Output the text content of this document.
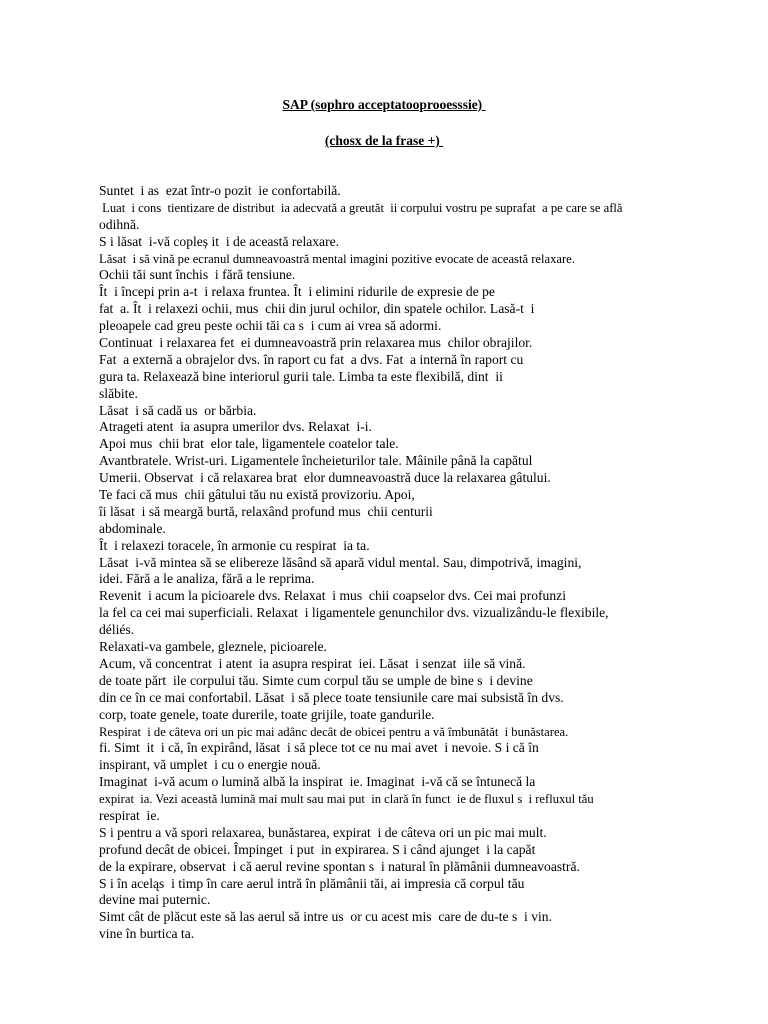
SAP (sophro acceptatooprooesssie)
(chosx de la frase +)
Suntet  i as  ezat într-o pozit  ie confortabilă.
Luat  i cons  tientizare de distribut  ia adecvată a greutăt  ii corpului vostru pe suprafat  a pe care se află
odihnă.
S i lăsat  i-vă copleș it  i de această relaxare.
Lăsat  i să vină pe ecranul dumneavoastră mental imagini pozitive evocate de această relaxare.
Ochii tăi sunt închis  i fără tensiune.
Ît  i începi prin a-t  i relaxa fruntea. Ît  i elimini ridurile de expresie de pe
fat  a. Ît  i relaxezi ochii, mus  chii din jurul ochilor, din spatele ochilor. Lasă-t  i
pleoapele cad greu peste ochii tăi ca s  i cum ai vrea să adormi.
Continuat  i relaxarea fet  ei dumneavoastră prin relaxarea mus  chilor obrajilor.
Fat  a externă a obrajelor dvs. în raport cu fat  a dvs. Fat  a internă în raport cu
gura ta. Relaxează bine interiorul gurii tale. Limba ta este flexibilă, dint  ii
slăbite.
Lăsat  i să cadă us  or bărbia.
Atrageti atent  ia asupra umerilor dvs. Relaxat  i-i.
Apoi mus  chii brat  elor tale, ligamentele coatelor tale.
Avantbratele. Wrist-uri. Ligamentele încheieturilor tale. Mâinile până la capătul
Umerii. Observat  i că relaxarea brat  elor dumneavoastră duce la relaxarea gâtului.
Te faci că mus  chii gâtului tău nu există provizoriu. Apoi,
îi lăsat  i să meargă burtă, relaxând profund mus  chii centurii
abdominale.
Ît  i relaxezi toracele, în armonie cu respirat  ia ta.
Lăsat  i-vă mintea să se elibereze lăsând să apară vidul mental. Sau, dimpotrivă, imagini,
idei. Fără a le analiza, fără a le reprima.
Revenit  i acum la picioarele dvs. Relaxat  i mus  chii coapselor dvs. Cei mai profunzi
la fel ca cei mai superficiali. Relaxat  i ligamentele genunchilor dvs. vizualizându-le flexibile,
déliés.
Relaxati-va gambele, gleznele, picioarele.
Acum, vă concentrat  i atent  ia asupra respirat  iei. Lăsat  i senzat  iile să vină.
de toate părt  ile corpului tău. Simte cum corpul tău se umple de bine s  i devine
din ce în ce mai confortabil. Lăsat  i să plece toate tensiunile care mai subsistă în dvs.
corp, toate genele, toate durerile, toate grijile, toate gandurile.
Respirat  i de câteva ori un pic mai adânc decât de obicei pentru a vă îmbunătăt  i bunăstarea.
fi. Simt  it  i că, în expirând, lăsat  i să plece tot ce nu mai avet  i nevoie. S i că în
inspirant, vă umplet  i cu o energie nouă.
Imaginat  i-vă acum o lumină albă la inspirat  ie. Imaginat  i-vă că se întunecă la
expirat  ia. Vezi această lumină mai mult sau mai put  in clară în funct  ie de fluxul s  i refluxul tău
respirat  ie.
S i pentru a vă spori relaxarea, bunăstarea, expirat  i de câteva ori un pic mai mult.
profund decât de obicei. Împinget  i put  in expirarea. S i când ajunget  i la capăt
de la expirare, observat  i că aerul revine spontan s  i natural în plămânii dumneavoastră.
S i în aceląs  i timp în care aerul intră în plămânii tăi, ai impresia că corpul tău
devine mai puternic.
Simt cât de plăcut este să las aerul să intre us  or cu acest mis  care de du-te s  i vin.
vine în burtica ta.
